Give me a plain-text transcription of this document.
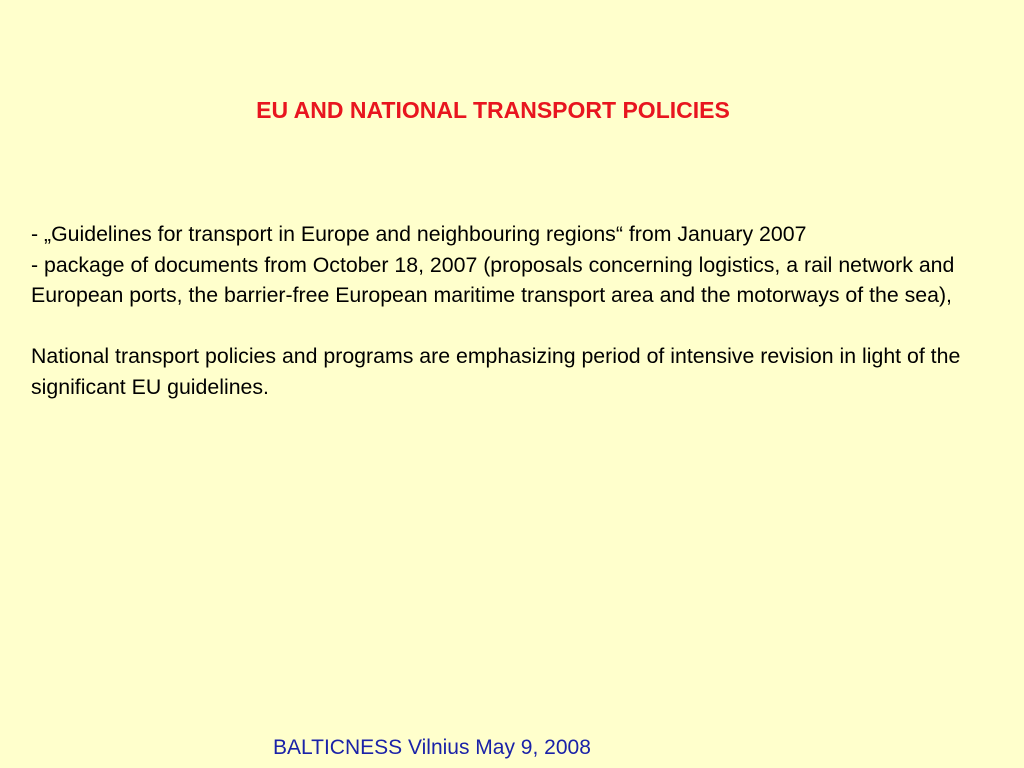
EU AND NATIONAL TRANSPORT POLICIES

- „Guidelines for transport in Europe and neighbouring regions“ from January 2007

- package of documents from October 18, 2007 (proposals concerning logistics, a rail network and European ports, the barrier-free European maritime transport area and the motorways of the sea),

National transport policies and programs are emphasizing period of intensive revision in light of the significant EU guidelines.

BALTICNESS Vilnius May 9, 2008
